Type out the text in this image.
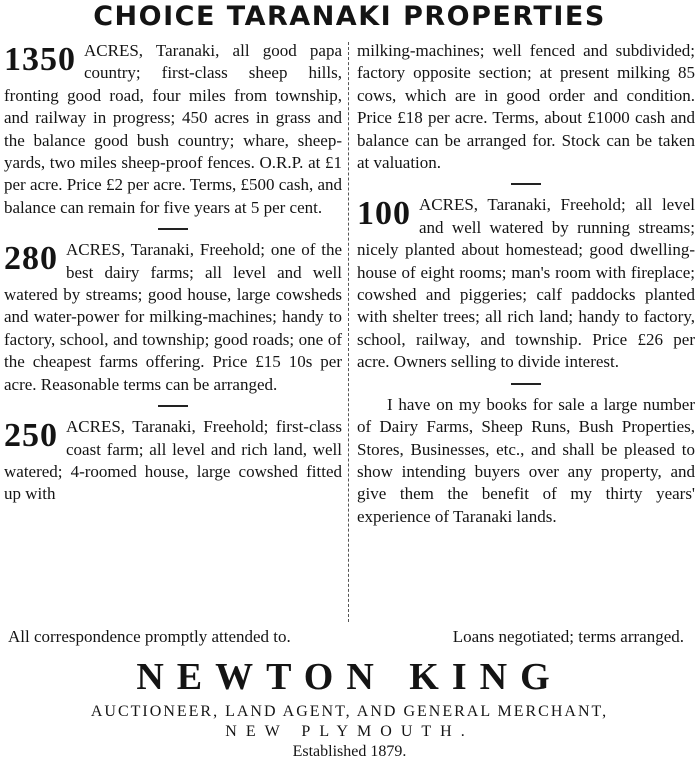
CHOICE TARANAKI PROPERTIES
1350 ACRES, Taranaki, all good papa country; first-class sheep hills, fronting good road, four miles from township, and railway in progress; 450 acres in grass and the balance good bush country; whare, sheep-yards, two miles sheep-proof fences. O.R.P. at £1 per acre. Price £2 per acre. Terms, £500 cash, and balance can remain for five years at 5 per cent.

280 ACRES, Taranaki, Freehold; one of the best dairy farms; all level and well watered by streams; good house, large cowsheds and water-power for milking-machines; handy to factory, school, and township; good roads; one of the cheapest farms offering. Price £15 10s per acre. Reasonable terms can be arranged.

250 ACRES, Taranaki, Freehold; first-class coast farm; all level and rich land, well watered; 4-roomed house, large cowshed fitted up with

milking-machines; well fenced and subdivided; factory opposite section; at present milking 85 cows, which are in good order and condition. Price £18 per acre. Terms, about £1000 cash and balance can be arranged for. Stock can be taken at valuation.

100 ACRES, Taranaki, Freehold; all level and well watered by running streams; nicely planted about homestead; good dwelling-house of eight rooms; man's room with fireplace; cowshed and piggeries; calf paddocks planted with shelter trees; all rich land; handy to factory, school, railway, and township. Price £26 per acre. Owners selling to divide interest.

I have on my books for sale a large number of Dairy Farms, Sheep Runs, Bush Properties, Stores, Businesses, etc., and shall be pleased to show intending buyers over any property, and give them the benefit of my thirty years' experience of Taranaki lands.

All correspondence promptly attended to.	Loans negotiated; terms arranged.
NEWTON KING
AUCTIONEER, LAND AGENT, AND GENERAL MERCHANT,
NEW PLYMOUTH.
Established 1879.
